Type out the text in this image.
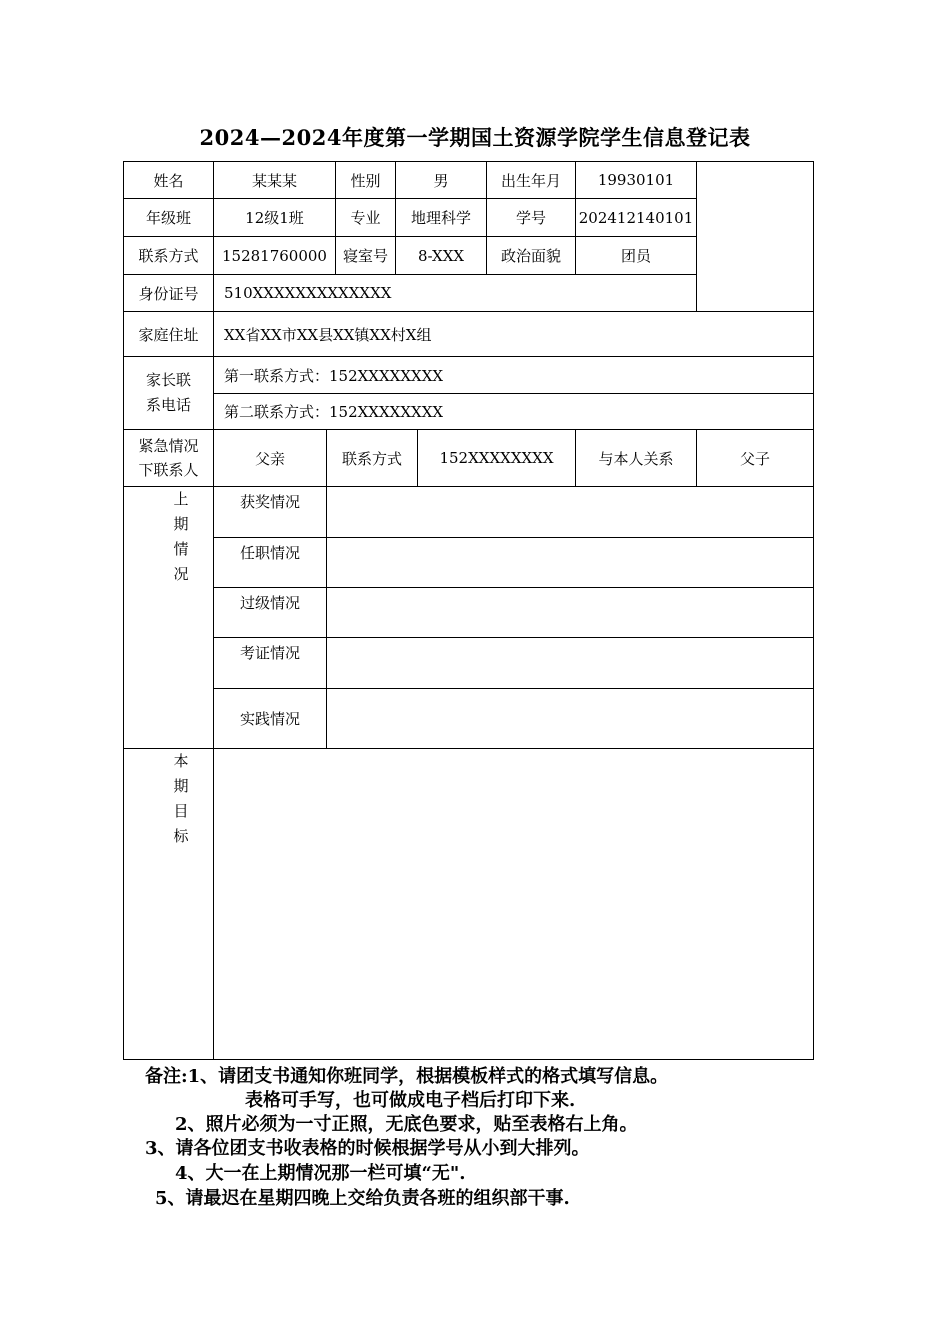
2024—2024年度第一学期国土资源学院学生信息登记表
姓名	某某某	性别	男	出生年月	19930101
年级班	12级1班	专业	地理科学	学号	202412140101
联系方式	15281760000	寝室号	8-XXX	政治面貌	团员
身份证号	510XXXXXXXXXXXXX
家庭住址	XX省XX市XX县XX镇XX村X组
家长联
系电话
第一联系方式：152XXXXXXXX
第二联系方式：152XXXXXXXX
紧急情况
下联系人
父亲	联系方式	152XXXXXXXX	与本人关系	父子
上
期
情
况
获奖情况
任职情况
过级情况
考证情况
实践情况
本
期
目
标
备注:1、请团支书通知你班同学，根据模板样式的格式填写信息。
表格可手写，也可做成电子档后打印下来.
2、照片必须为一寸正照，无底色要求，贴至表格右上角。
3、请各位团支书收表格的时候根据学号从小到大排列。
4、大一在上期情况那一栏可填“无".
5、请最迟在星期四晚上交给负责各班的组织部干事.
